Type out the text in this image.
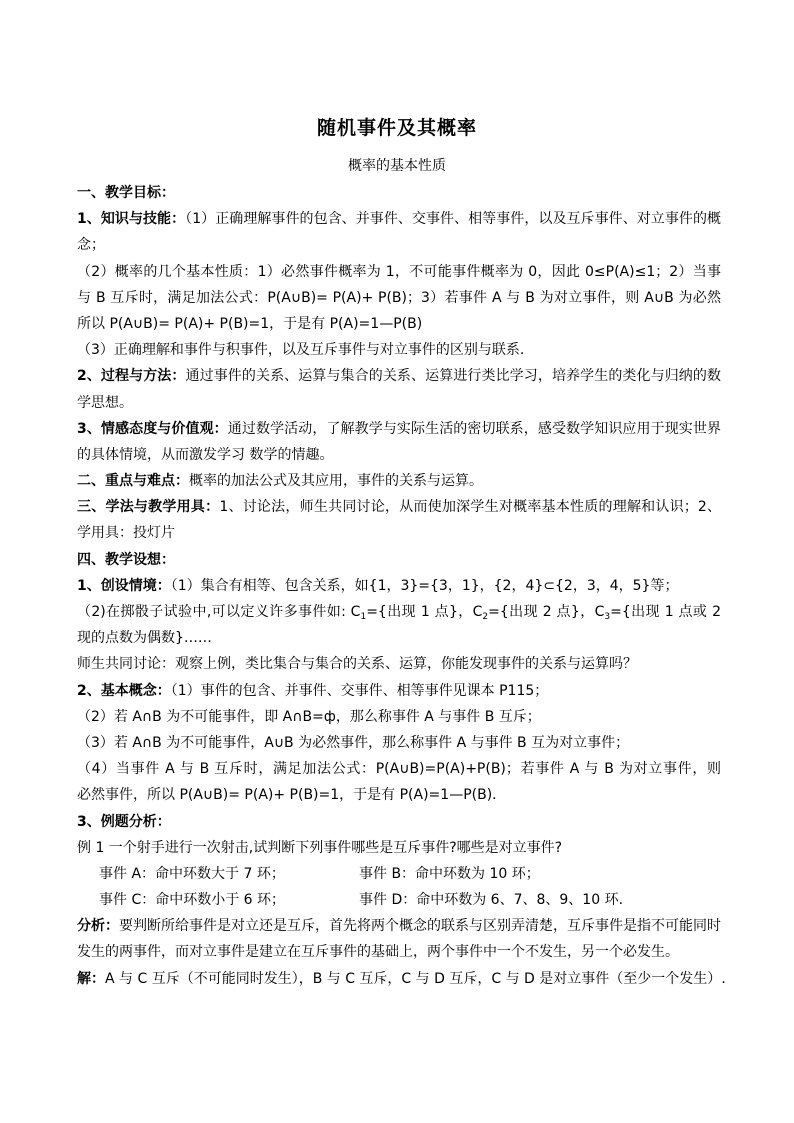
随机事件及其概率
概率的基本性质
一、教学目标：
1、知识与技能：（1）正确理解事件的包含、并事件、交事件、相等事件，以及互斥事件、对立事件的概
念；
（2）概率的几个基本性质：1）必然事件概率为 1，不可能事件概率为 0，因此 0≤P(A)≤1；2）当事
与 B 互斥时，满足加法公式：P(A∪B)= P(A)+ P(B)；3）若事件 A 与 B 为对立事件，则 A∪B 为必然
所以 P(A∪B)= P(A)+ P(B)=1，于是有 P(A)=1—P(B)
（3）正确理解和事件与积事件，以及互斥事件与对立事件的区别与联系.
2、过程与方法：通过事件的关系、运算与集合的关系、运算进行类比学习，培养学生的类化与归纳的数
学思想。
3、情感态度与价值观：通过数学活动，了解教学与实际生活的密切联系，感受数学知识应用于现实世界
的具体情境，从而激发学习 数学的情趣。
二、重点与难点：概率的加法公式及其应用，事件的关系与运算。
三、学法与教学用具：1、讨论法，师生共同讨论，从而使加深学生对概率基本性质的理解和认识；2、
学用具：投灯片
四、教学设想：
1、创设情境：（1）集合有相等、包含关系，如{1，3}={3，1}，{2，4}⊂{2，3，4，5}等；
（2)在掷骰子试验中,可以定义许多事件如: $C_1=${出现 1 点}，$C_2=${出现 2 点}，$C_3=${出现 1 点或 2
现的点数为偶数}……
师生共同讨论：观察上例，类比集合与集合的关系、运算，你能发现事件的关系与运算吗？
2、基本概念：（1）事件的包含、并事件、交事件、相等事件见课本 P115；
（2）若 A∩B 为不可能事件，即 A∩B=ф，那么称事件 A 与事件 B 互斥；
（3）若 A∩B 为不可能事件，A∪B 为必然事件，那么称事件 A 与事件 B 互为对立事件；
（4）当事件 A 与 B 互斥时，满足加法公式：P(A∪B)=P(A)+P(B)；若事件 A 与 B 为对立事件，则
必然事件，所以 P(A∪B)= P(A)+ P(B)=1，于是有 P(A)=1—P(B)．
3、例题分析：
例 1 一个射手进行一次射击,试判断下列事件哪些是互斥事件?哪些是对立事件?
事件 A：命中环数大于 7 环；	事件 B：命中环数为 10 环；
事件 C：命中环数小于 6 环；	事件 D：命中环数为 6、7、8、9、10 环.
分析：要判断所给事件是对立还是互斥，首先将两个概念的联系与区别弄清楚，互斥事件是指不可能同时
发生的两事件，而对立事件是建立在互斥事件的基础上，两个事件中一个不发生，另一个必发生。
解：A 与 C 互斥（不可能同时发生），B 与 C 互斥，C 与 D 互斥，C 与 D 是对立事件（至少一个发生）.
